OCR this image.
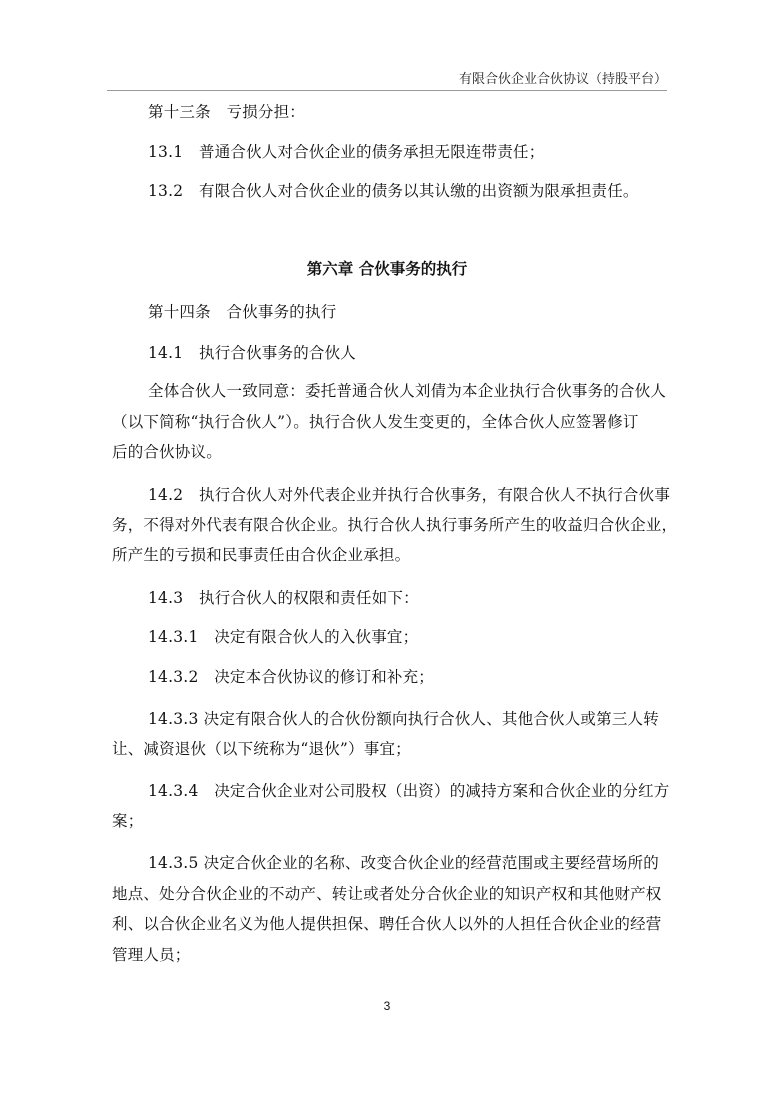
有限合伙企业合伙协议（持股平台）
第十三条　亏损分担：
13.1　普通合伙人对合伙企业的债务承担无限连带责任；
13.2　有限合伙人对合伙企业的债务以其认缴的出资额为限承担责任。
第六章 合伙事务的执行
第十四条　合伙事务的执行
14.1　执行合伙事务的合伙人
全体合伙人一致同意：委托普通合伙人刘倩为本企业执行合伙事务的合伙人
（以下简称“执行合伙人”）。执行合伙人发生变更的，全体合伙人应签署修订
后的合伙协议。
14.2　执行合伙人对外代表企业并执行合伙事务，有限合伙人不执行合伙事
务，不得对外代表有限合伙企业。执行合伙人执行事务所产生的收益归合伙企业，
所产生的亏损和民事责任由合伙企业承担。
14.3　执行合伙人的权限和责任如下：
14.3.1　决定有限合伙人的入伙事宜；
14.3.2　决定本合伙协议的修订和补充；
14.3.3 决定有限合伙人的合伙份额向执行合伙人、其他合伙人或第三人转
让、减资退伙（以下统称为“退伙”）事宜；
14.3.4　决定合伙企业对公司股权（出资）的减持方案和合伙企业的分红方
案；
14.3.5 决定合伙企业的名称、改变合伙企业的经营范围或主要经营场所的
地点、处分合伙企业的不动产、转让或者处分合伙企业的知识产权和其他财产权
利、以合伙企业名义为他人提供担保、聘任合伙人以外的人担任合伙企业的经营
管理人员；
3
